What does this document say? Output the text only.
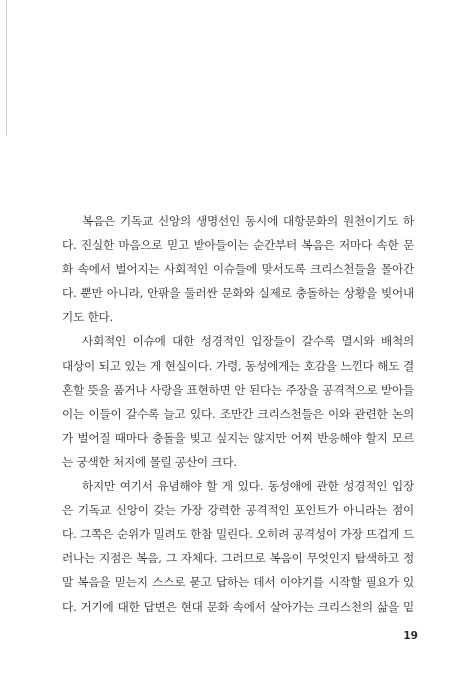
복음은 기독교 신앙의 생명선인 동시에 대항문화의 원천이기도 하
다. 진실한 마음으로 믿고 받아들이는 순간부터 복음은 저마다 속한 문
화 속에서 벌어지는 사회적인 이슈들에 맞서도록 크리스천들을 몰아간
다. 뿐만 아니라, 안팎을 둘러싼 문화와 실제로 충돌하는 상황을 빚어내
기도 한다.
사회적인 이슈에 대한 성경적인 입장들이 갈수록 멸시와 배척의
대상이 되고 있는 게 현실이다. 가령, 동성에게는 호감을 느낀다 해도 결
혼할 뜻을 품거나 사랑을 표현하면 안 된다는 주장을 공격적으로 받아들
이는 이들이 갈수록 늘고 있다. 조만간 크리스천들은 이와 관련한 논의
가 벌어질 때마다 충돌을 빚고 싶지는 않지만 어찌 반응해야 할지 모르
는 궁색한 처지에 몰릴 공산이 크다.
하지만 여기서 유념해야 할 게 있다. 동성애에 관한 성경적인 입장
은 기독교 신앙이 갖는 가장 강력한 공격적인 포인트가 아니라는 점이
다. 그쪽은 순위가 밀려도 한참 밀린다. 오히려 공격성이 가장 뜨겁게 드
러나는 지점은 복음, 그 자체다. 그러므로 복음이 무엇인지 탐색하고 정
말 복음을 믿는지 스스로 묻고 답하는 데서 이야기를 시작할 필요가 있
다. 거기에 대한 답변은 현대 문화 속에서 살아가는 크리스천의 삶을 밑
19
